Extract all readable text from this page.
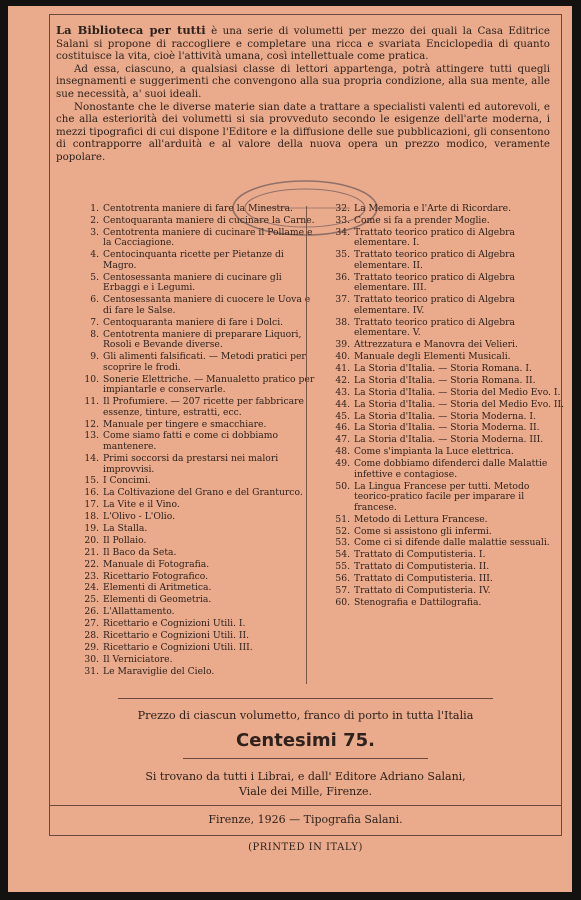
La Biblioteca per tutti è una serie di volumetti per mezzo dei quali la Casa Editrice Salani si propone di raccogliere e completare una ricca e svariata Enciclopedia di quanto costituisce la vita, cioè l'attività umana, così intellettuale come pratica.

Ad essa, ciascuno, a qualsiasi classe di lettori appartenga, potrà attingere tutti quegli insegnamenti e suggerimenti che convengono alla sua propria condizione, alla sua mente, alle sue necessità, a' suoi ideali.

Nonostante che le diverse materie sian date a trattare a specialisti valenti ed autorevoli, e che alla esteriorità dei volumetti si sia provveduto secondo le esigenze dell'arte moderna, i mezzi tipografici di cui dispone l'Editore e la diffusione delle sue pubblicazioni, gli consentono di contrapporre all'arduità e al valore della nuova opera un prezzo modico, veramente popolare.

1. Centotrenta maniere di fare la Minestra.
2. Centoquaranta maniere di cucinare la Carne.
3. Centotrenta maniere di cucinare il Pollame e la Cacciagione.
4. Centocinquanta ricette per Pietanze di Magro.
5. Centosessanta maniere di cucinare gli Erbaggi e i Legumi.
6. Centosessanta maniere di cuocere le Uova e di fare le Salse.
7. Centoquaranta maniere di fare i Dolci.
8. Centotrenta maniere di preparare Liquori, Rosoli e Bevande diverse.
9. Gli alimenti falsificati. — Metodi pratici per scoprire le frodi.
10. Sonerie Elettriche. — Manualetto pratico per impiantarle e conservarle.
11. Il Profumiere. — 207 ricette per fabbricare essenze, tinture, estratti, ecc.
12. Manuale per tingere e smacchiare.
13. Come siamo fatti e come ci dobbiamo mantenere.
14. Primi soccorsi da prestarsi nei malori improvvisi.
15. I Concimi.
16. La Coltivazione del Grano e del Granturco.
17. La Vite e il Vino.
18. L'Olivo - L'Olio.
19. La Stalla.
20. Il Pollaio.
21. Il Baco da Seta.
22. Manuale di Fotografia.
23. Ricettario Fotografico.
24. Elementi di Aritmetica.
25. Elementi di Geometria.
26. L'Allattamento.
27. Ricettario e Cognizioni Utili. I.
28. Ricettario e Cognizioni Utili. II.
29. Ricettario e Cognizioni Utili. III.
30. Il Verniciatore.
31. Le Maraviglie del Cielo.
32. La Memoria e l'Arte di Ricordare.
33. Come si fa a prender Moglie.
34. Trattato teorico pratico di Algebra elementare. I.
35. Trattato teorico pratico di Algebra elementare. II.
36. Trattato teorico pratico di Algebra elementare. III.
37. Trattato teorico pratico di Algebra elementare. IV.
38. Trattato teorico pratico di Algebra elementare. V.
39. Attrezzatura e Manovra dei Velieri.
40. Manuale degli Elementi Musicali.
41. La Storia d'Italia. — Storia Romana. I.
42. La Storia d'Italia. — Storia Romana. II.
43. La Storia d'Italia. — Storia del Medio Evo. I.
44. La Storia d'Italia. — Storia del Medio Evo. II.
45. La Storia d'Italia. — Storia Moderna. I.
46. La Storia d'Italia. — Storia Moderna. II.
47. La Storia d'Italia. — Storia Moderna. III.
48. Come s'impianta la Luce elettrica.
49. Come dobbiamo difenderci dalle Malattie infettive e contagiose.
50. La Lingua Francese per tutti. Metodo teorico-pratico facile per imparare il francese.
51. Metodo di Lettura Francese.
52. Come si assistono gli infermi.
53. Come ci si difende dalle malattie sessuali.
54. Trattato di Computisteria. I.
55. Trattato di Computisteria. II.
56. Trattato di Computisteria. III.
57. Trattato di Computisteria. IV.
60. Stenografia e Dattilografia.
Prezzo di ciascun volumetto, franco di porto in tutta l'Italia
Centesimi 75.
Si trovano da tutti i Librai, e dall' Editore Adriano Salani,
Viale dei Mille, Firenze.
Firenze, 1926 — Tipografia Salani.
(PRINTED IN ITALY)
